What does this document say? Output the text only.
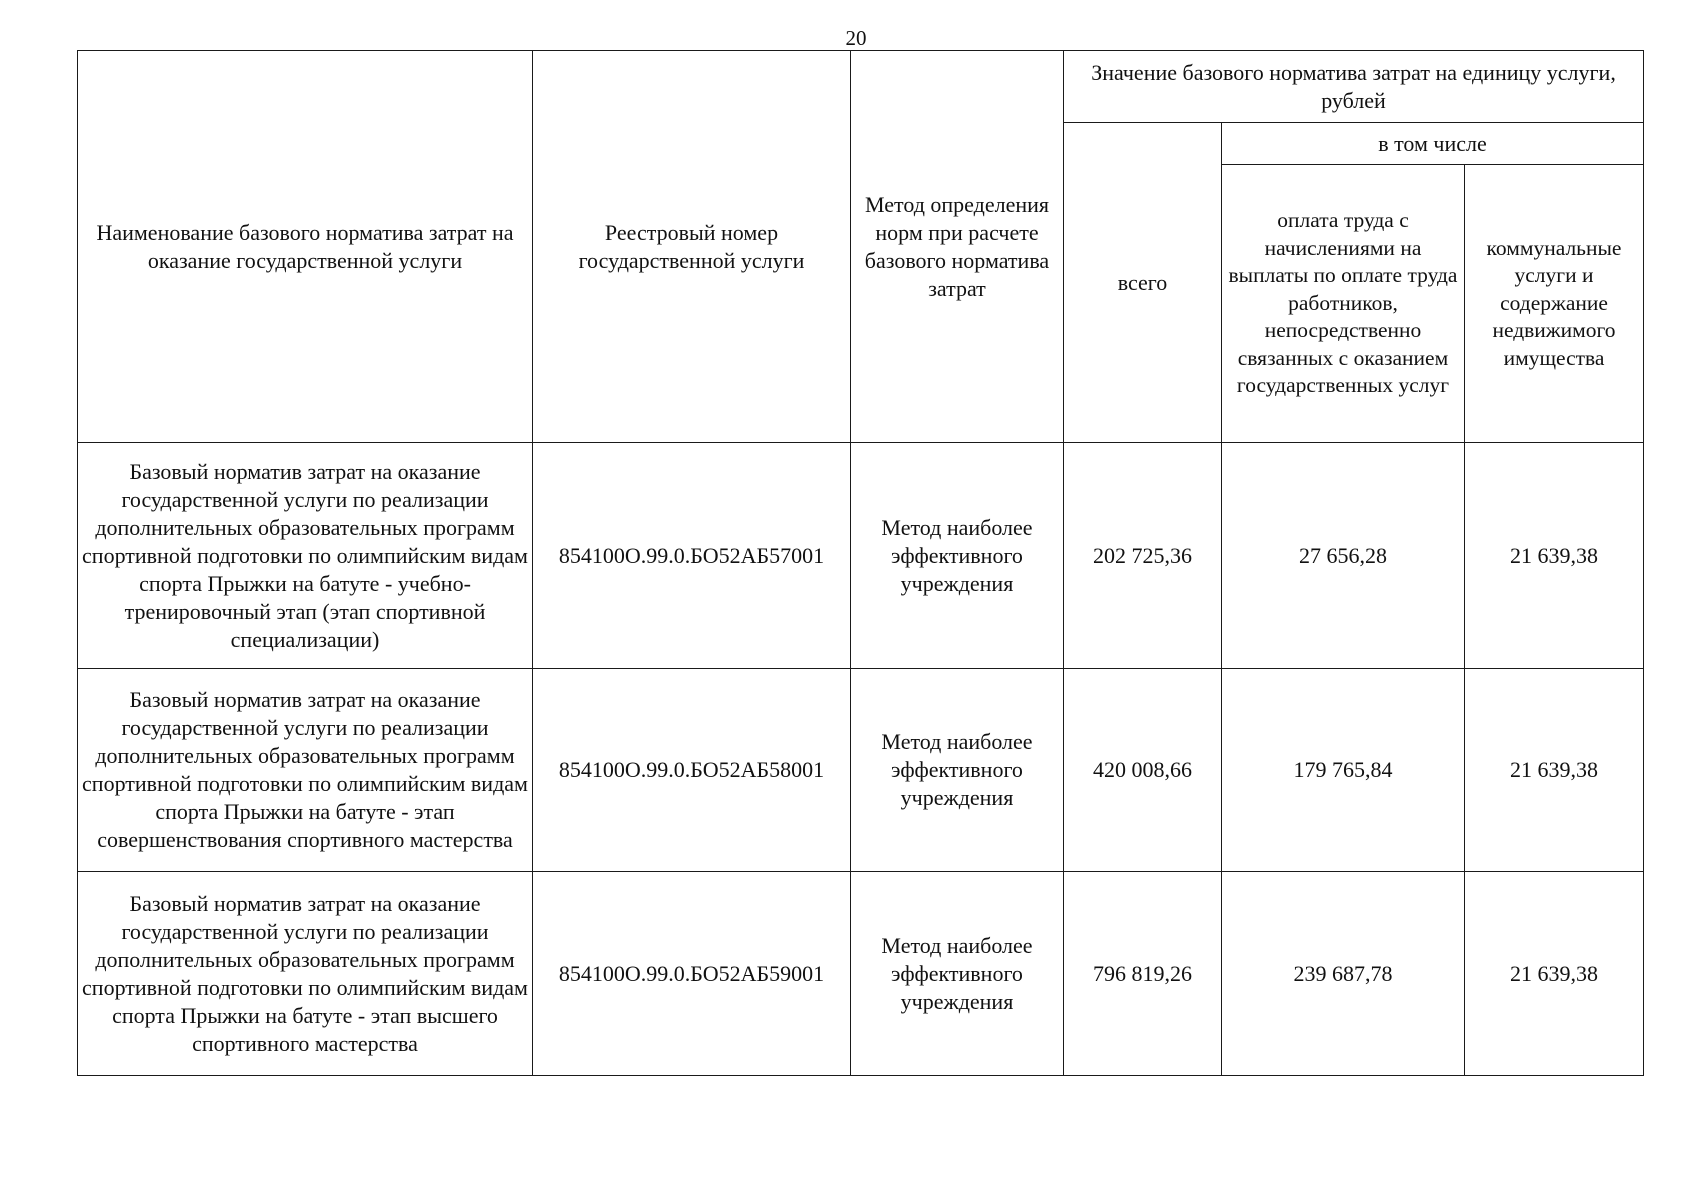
20
Наименование базового норматива затрат на оказание государственной услуги	Реестровый номер государственной услуги	Метод определения норм при расчете базового норматива затрат	Значение базового норматива затрат на единицу услуги, рублей		
			всего	в том числе	
				оплата труда с начислениями на выплаты по оплате труда работников, непосредственно связанных с оказанием государственных услуг	коммунальные услуги и содержание недвижимого имущества
Базовый норматив затрат на оказание государственной услуги по реализации дополнительных образовательных программ спортивной подготовки по олимпийским видам спорта Прыжки на батуте - учебно-тренировочный этап (этап спортивной специализации)	854100О.99.0.БО52АБ57001	Метод наиболее эффективного учреждения	202 725,36	27 656,28	21 639,38
Базовый норматив затрат на оказание государственной услуги по реализации дополнительных образовательных программ спортивной подготовки по олимпийским видам спорта Прыжки на батуте - этап совершенствования спортивного мастерства	854100О.99.0.БО52АБ58001	Метод наиболее эффективного учреждения	420 008,66	179 765,84	21 639,38
Базовый норматив затрат на оказание государственной услуги по реализации дополнительных образовательных программ спортивной подготовки по олимпийским видам спорта Прыжки на батуте - этап высшего спортивного мастерства	854100О.99.0.БО52АБ59001	Метод наиболее эффективного учреждения	796 819,26	239 687,78	21 639,38
